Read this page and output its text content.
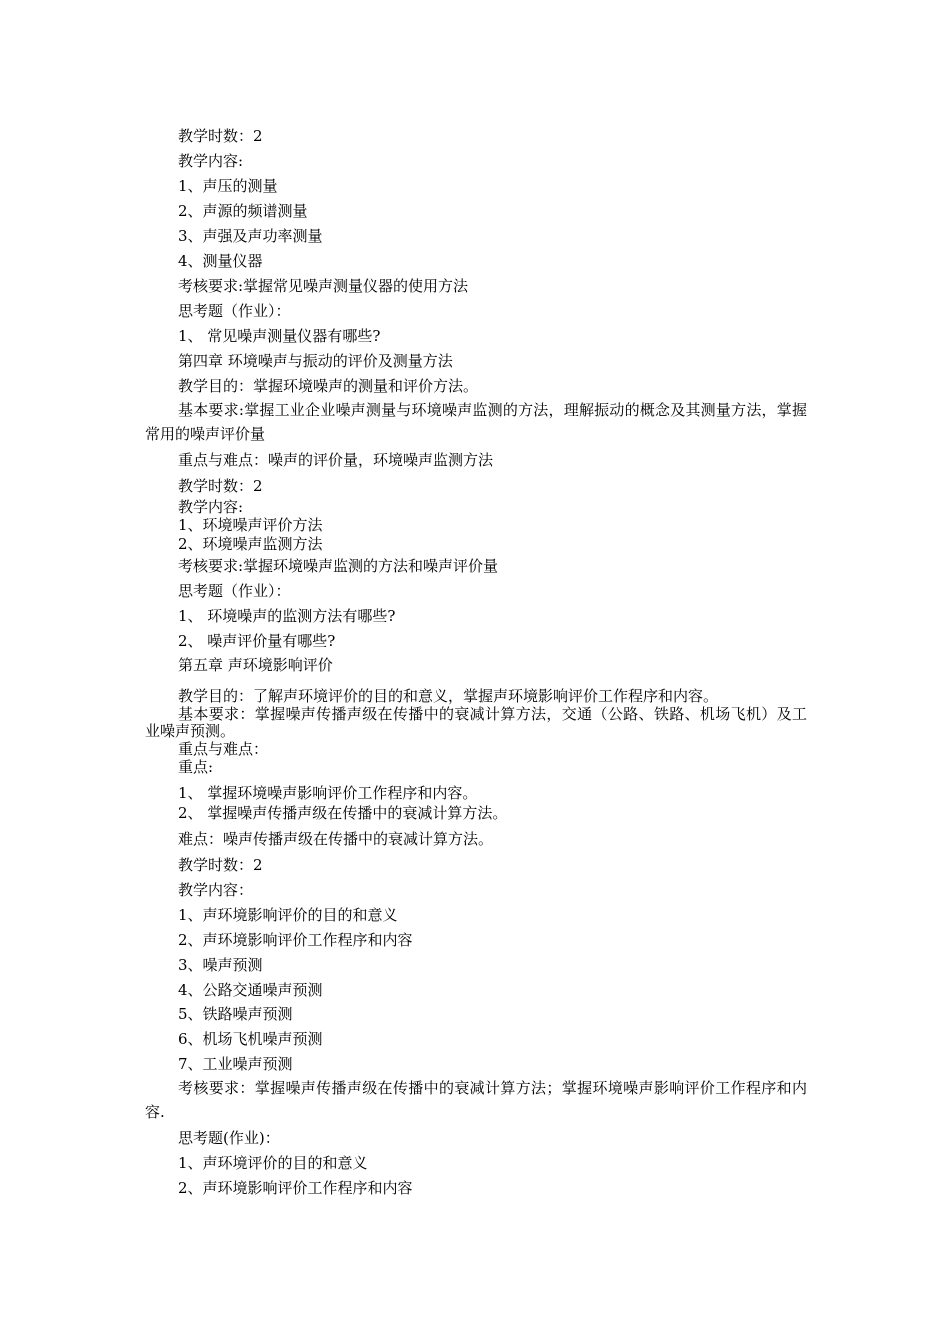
教学时数：2

教学内容:

1、声压的测量

2、声源的频谱测量

3、声强及声功率测量

4、测量仪器

考核要求:掌握常见噪声测量仪器的使用方法

思考题（作业）：

1、 常见噪声测量仪器有哪些?

第四章 环境噪声与振动的评价及测量方法

教学目的：掌握环境噪声的测量和评价方法。

基本要求:掌握工业企业噪声测量与环境噪声监测的方法，理解振动的概念及其测量方法，掌握常用的噪声评价量

重点与难点：噪声的评价量，环境噪声监测方法

教学时数：2

教学内容:

1、环境噪声评价方法

2、环境噪声监测方法

考核要求:掌握环境噪声监测的方法和噪声评价量

思考题（作业）：

1、 环境噪声的监测方法有哪些?

2、 噪声评价量有哪些?

第五章 声环境影响评价

教学目的：了解声环境评价的目的和意义，掌握声环境影响评价工作程序和内容。

基本要求：掌握噪声传播声级在传播中的衰减计算方法，交通（公路、铁路、机场飞机）及工业噪声预测。

重点与难点：

重点:

1、 掌握环境噪声影响评价工作程序和内容。

2、 掌握噪声传播声级在传播中的衰减计算方法。

难点：噪声传播声级在传播中的衰减计算方法。

教学时数：2

教学内容：

1、声环境影响评价的目的和意义

2、声环境影响评价工作程序和内容

3、噪声预测

4、公路交通噪声预测

5、铁路噪声预测

6、机场飞机噪声预测

7、工业噪声预测

考核要求：掌握噪声传播声级在传播中的衰减计算方法；掌握环境噪声影响评价工作程序和内容.

思考题(作业)：

1、声环境评价的目的和意义

2、声环境影响评价工作程序和内容
